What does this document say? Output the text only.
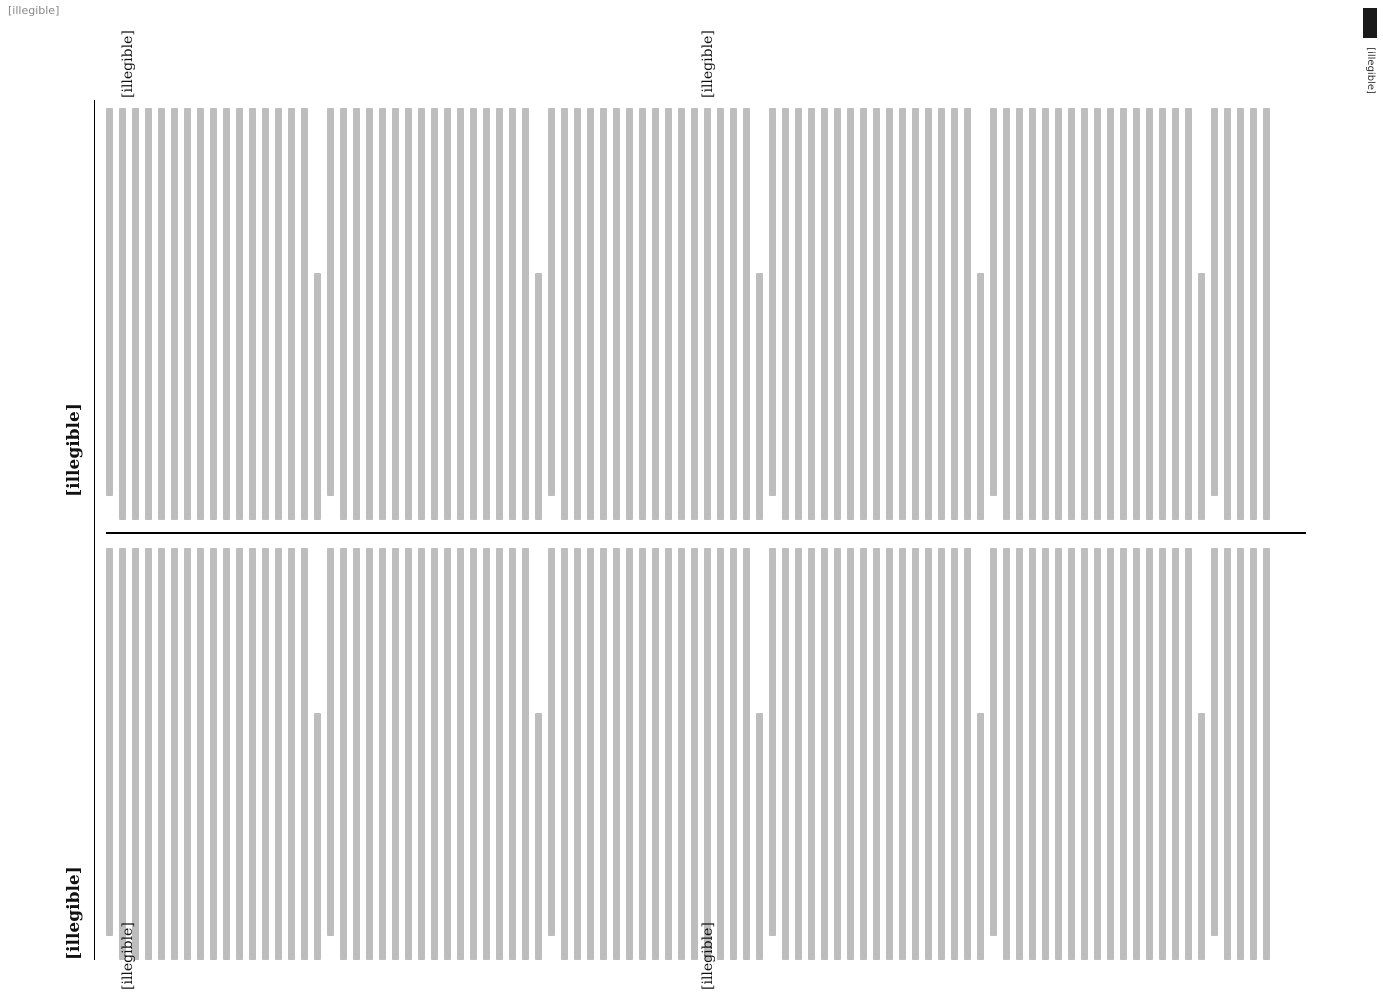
[illegible]
[illegible]
[illegible]
[illegible]
[illegible]	[illegible]
[illegible]	[illegible]
